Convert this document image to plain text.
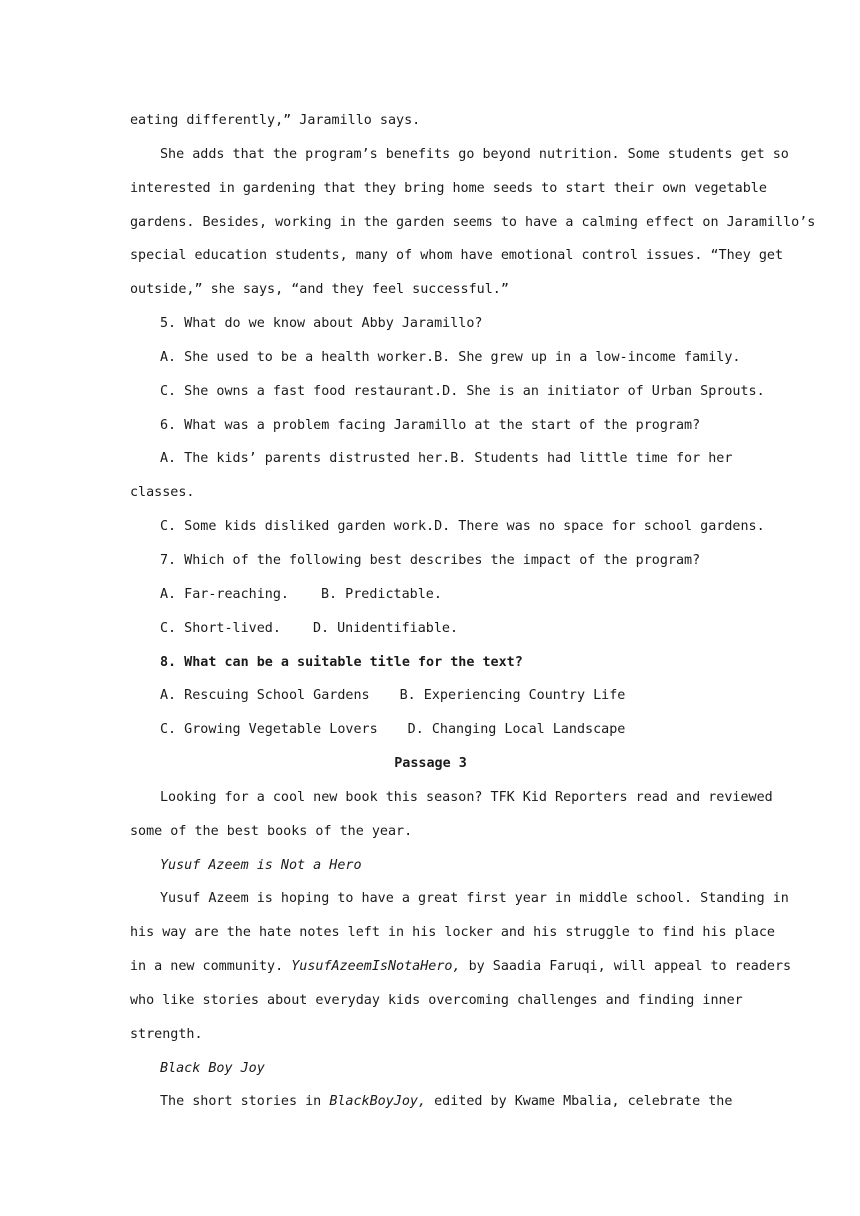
eating differently,” Jaramillo says.
She adds that the program’s benefits go beyond nutrition. Some students get so
interested in gardening that they bring home seeds to start their own vegetable
gardens. Besides, working in the garden seems to have a calming effect on Jaramillo’s
special education students, many of whom have emotional control issues. “They get
outside,” she says, “and they feel successful.”
5. What do we know about Abby Jaramillo?
A. She used to be a health worker. B. She grew up in a low-income family.
C. She owns a fast food restaurant. D. She is an initiator of Urban Sprouts.
6. What was a problem facing Jaramillo at the start of the program?
A. The kids’ parents distrusted her. B. Students had little time for her
classes.
C. Some kids disliked garden work. D. There was no space for school gardens.
7. Which of the following best describes the impact of the program?
A. Far-reaching. B. Predictable.
C. Short-lived. D. Unidentifiable.
8. What can be a suitable title for the text?
A. Rescuing School Gardens B. Experiencing Country Life
C. Growing Vegetable Lovers D. Changing Local Landscape
Passage 3
Looking for a cool new book this season? TFK Kid Reporters read and reviewed
some of the best books of the year.
Yusuf Azeem is Not a Hero
Yusuf Azeem is hoping to have a great first year in middle school. Standing in
his way are the hate notes left in his locker and his struggle to find his place
in a new community. YusufAzeemIsNotaHero, by Saadia Faruqi, will appeal to readers
who like stories about everyday kids overcoming challenges and finding inner
strength.
Black Boy Joy
The short stories in BlackBoyJoy, edited by Kwame Mbalia, celebrate the
